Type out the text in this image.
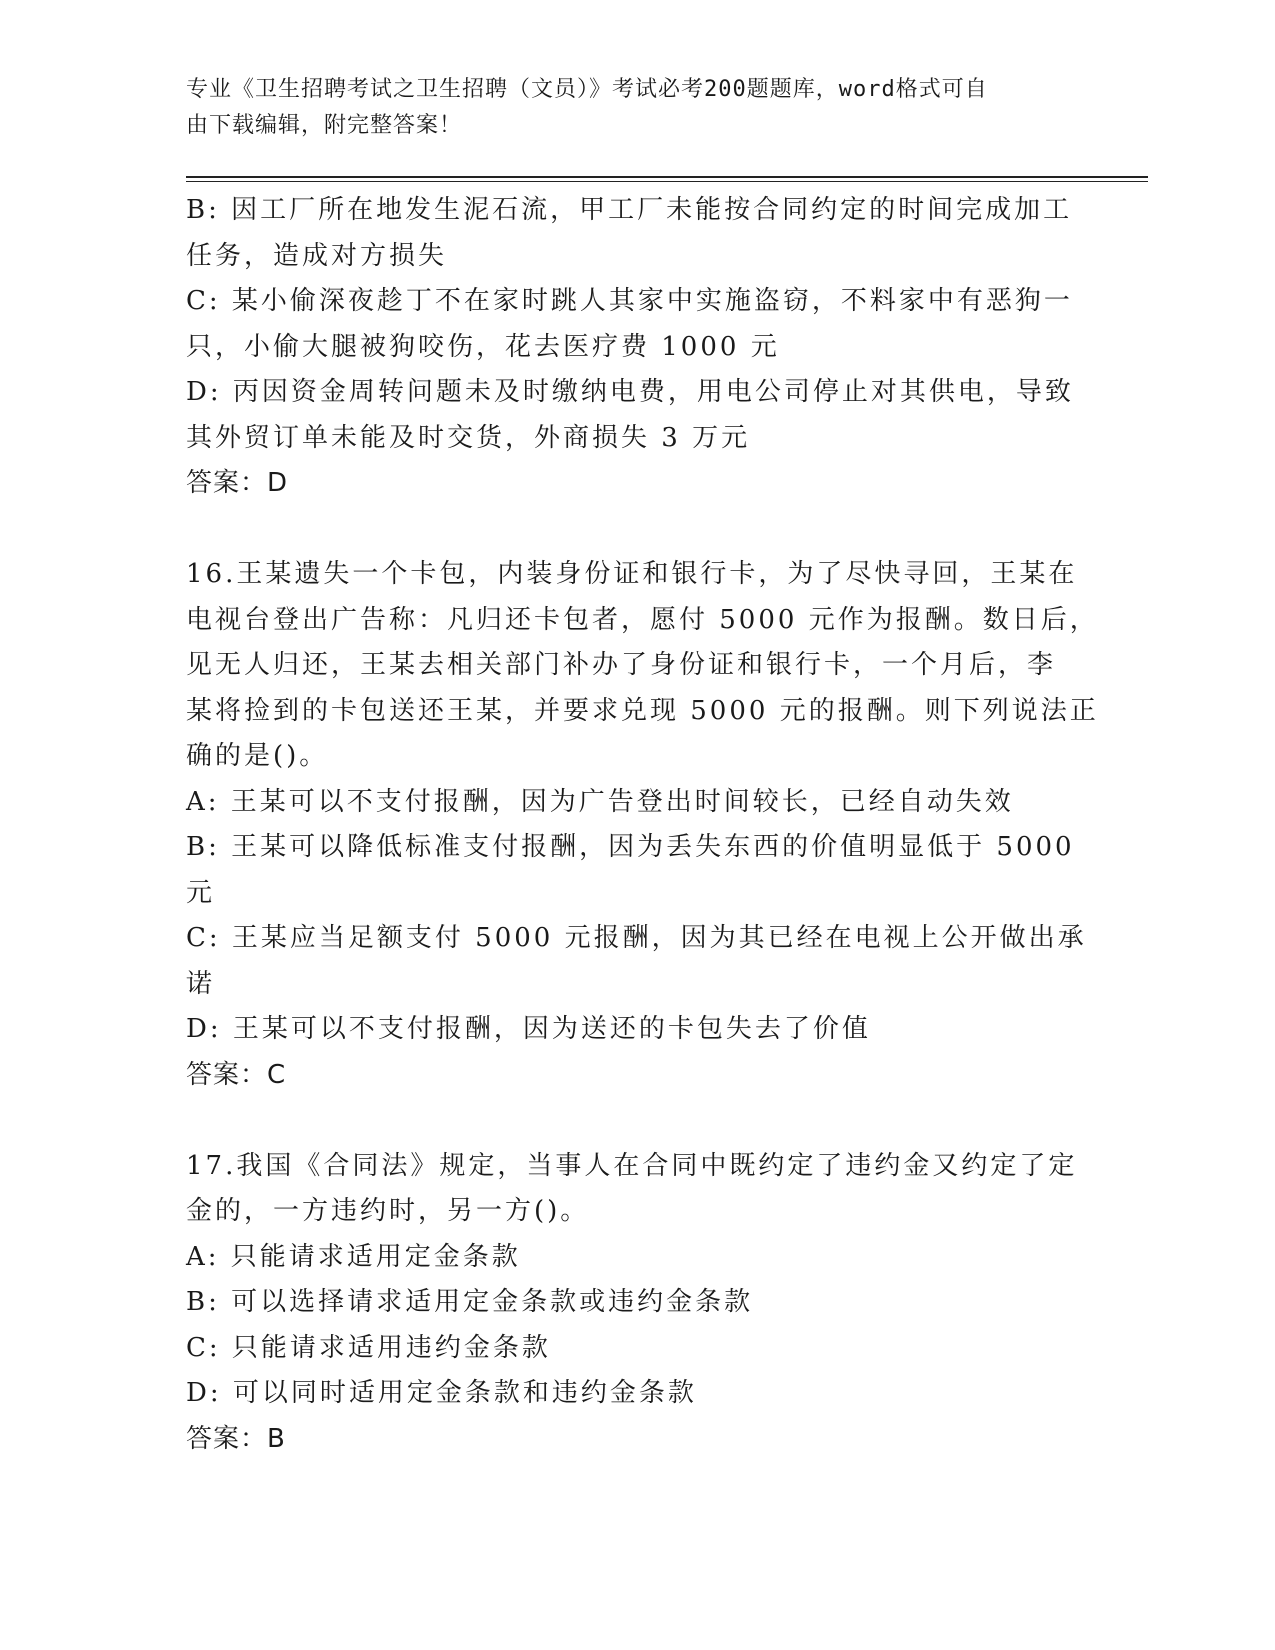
专业《卫生招聘考试之卫生招聘（文员）》考试必考200题题库，word格式可自
由下载编辑，附完整答案！
B: 因工厂所在地发生泥石流，甲工厂未能按合同约定的时间完成加工
任务，造成对方损失
C: 某小偷深夜趁丁不在家时跳人其家中实施盗窃，不料家中有恶狗一
只，小偷大腿被狗咬伤，花去医疗费 1000 元
D: 丙因资金周转问题未及时缴纳电费，用电公司停止对其供电，导致
其外贸订单未能及时交货，外商损失 3 万元
答案：D
16.王某遗失一个卡包，内装身份证和银行卡，为了尽快寻回，王某在
电视台登出广告称：凡归还卡包者，愿付 5000 元作为报酬。数日后，
见无人归还，王某去相关部门补办了身份证和银行卡，一个月后，李
某将捡到的卡包送还王某，并要求兑现 5000 元的报酬。则下列说法正
确的是()。
A: 王某可以不支付报酬，因为广告登出时间较长，已经自动失效
B: 王某可以降低标准支付报酬，因为丢失东西的价值明显低于 5000
元
C: 王某应当足额支付 5000 元报酬，因为其已经在电视上公开做出承
诺
D: 王某可以不支付报酬，因为送还的卡包失去了价值
答案：C
17.我国《合同法》规定，当事人在合同中既约定了违约金又约定了定
金的，一方违约时，另一方()。
A: 只能请求适用定金条款
B: 可以选择请求适用定金条款或违约金条款
C: 只能请求适用违约金条款
D: 可以同时适用定金条款和违约金条款
答案：B
